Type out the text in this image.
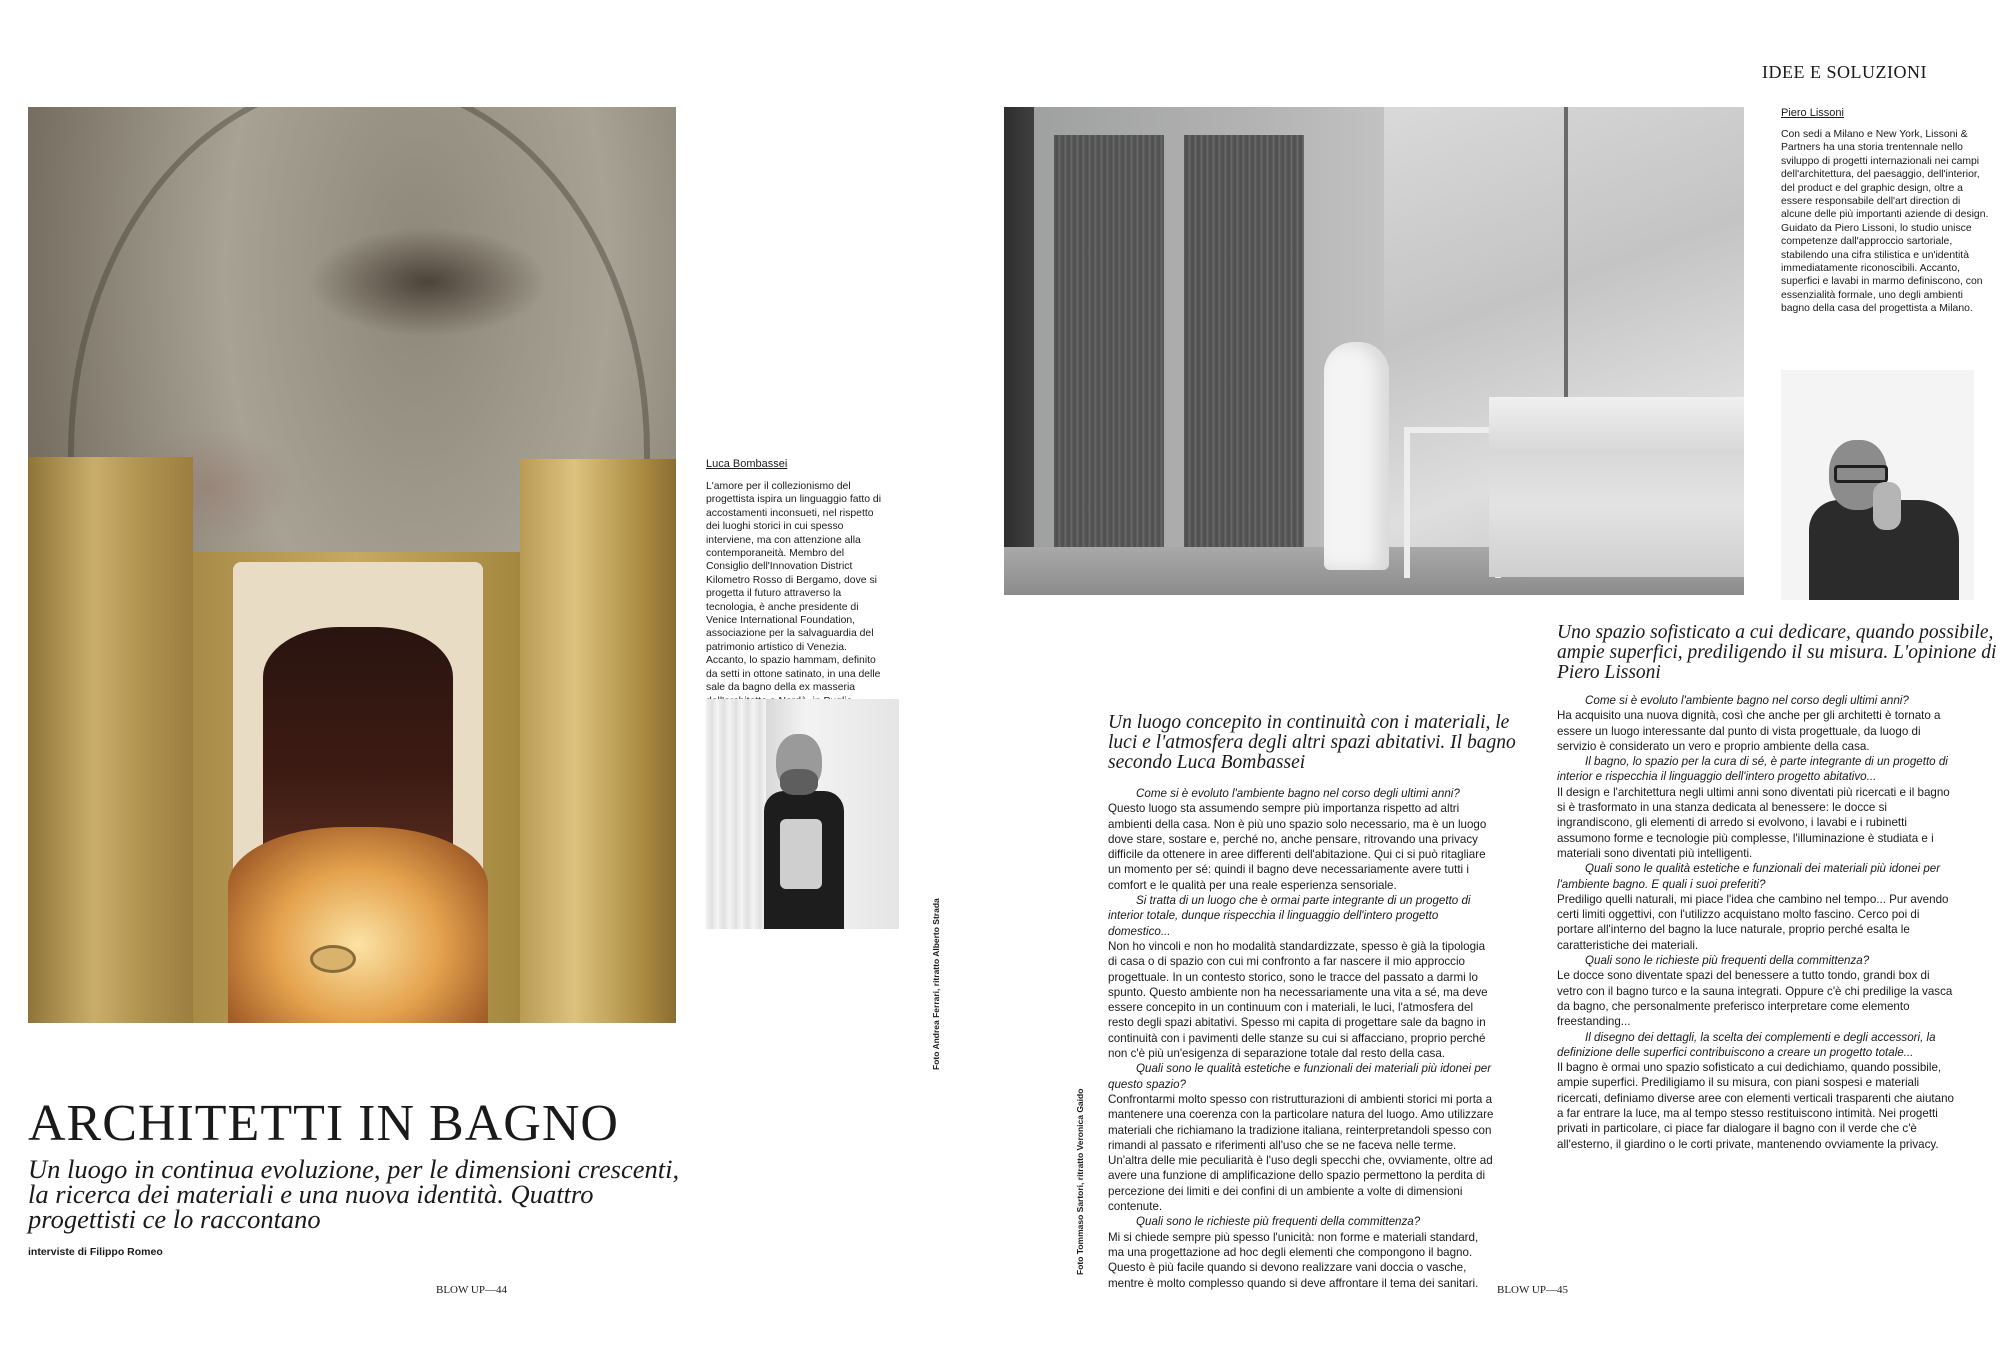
Luca Bombassei
L'amore per il collezionismo del progettista ispira un linguaggio fatto di accostamenti inconsueti, nel rispetto dei luoghi storici in cui spesso interviene, ma con attenzione alla contemporaneità. Membro del Consiglio dell'Innovation District Kilometro Rosso di Bergamo, dove si progetta il futuro attraverso la tecnologia, è anche presidente di Venice International Foundation, associazione per la salvaguardia del patrimonio artistico di Venezia. Accanto, lo spazio hammam, definito da setti in ottone satinato, in una delle sale da bagno della ex masseria
ARCHITETTI IN BAGNO
Un luogo in continua evoluzione, per le dimensioni crescenti, la ricerca dei materiali e una nuova identità. Quattro progettisti ce lo raccontano
interviste di Filippo Romeo
BLOW UP—44
Foto Andrea Ferrari, ritratto Alberto Strada
IDEE E SOLUZIONI
Piero Lissoni
Con sedi a Milano e New York, Lissoni & Partners ha una storia trentennale nello sviluppo di progetti internazionali nei campi dell'architettura, del paesaggio, dell'interior, del product e del graphic design, oltre a essere responsabile dell'art direction di alcune delle più importanti aziende di design. Guidato da Piero Lissoni, lo studio unisce competenze dall'approccio sartoriale, stabilendo una cifra stilistica e un'identità immediatamente riconoscibili. Accanto, superfici e lavabi in marmo definiscono, con essenzialità formale, uno degli ambienti bagno della casa del progettista a Milano.
Un luogo concepito in continuità con i materiali, le luci e l'atmosfera degli altri spazi abitativi. Il bagno secondo Luca Bombassei
Uno spazio sofisticato a cui dedicare, quando possibile, ampie superfici, prediligendo il su misura. L'opinione di Piero Lissoni

Come si è evoluto l'ambiente bagno nel corso degli ultimi anni?

Questo luogo sta assumendo sempre più importanza rispetto ad altri ambienti della casa. Non è più uno spazio solo necessario, ma è un luogo dove stare, sostare e, perché no, anche pensare, ritrovando una privacy difficile da ottenere in aree differenti dell'abitazione. Qui ci si può ritagliare un momento per sé: quindi il bagno deve necessariamente avere tutti i comfort e le qualità per una reale esperienza sensoriale.

Si tratta di un luogo che è ormai parte integrante di un progetto di interior totale, dunque rispecchia il linguaggio dell'intero progetto domestico...

Non ho vincoli e non ho modalità standardizzate, spesso è già la tipologia di casa o di spazio con cui mi confronto a far nascere il mio approccio progettuale. In un contesto storico, sono le tracce del passato a darmi lo spunto. Questo ambiente non ha necessariamente una vita a sé, ma deve essere concepito in un continuum con i materiali, le luci, l'atmosfera del resto degli spazi abitativi. Spesso mi capita di progettare sale da bagno in continuità con i pavimenti delle stanze su cui si affacciano, proprio perché non c'è più un'esigenza di separazione totale dal resto della casa.

Quali sono le qualità estetiche e funzionali dei materiali più idonei per questo spazio?

Confrontarmi molto spesso con ristrutturazioni di ambienti storici mi porta a mantenere una coerenza con la particolare natura del luogo. Amo utilizzare materiali che richiamano la tradizione italiana, reinterpretandoli spesso con rimandi al passato e riferimenti all'uso che se ne faceva nelle terme. Un'altra delle mie peculiarità è l'uso degli specchi che, ovviamente, oltre ad avere una funzione di amplificazione dello spazio permettono la perdita di percezione dei limiti e dei confini di un ambiente a volte di dimensioni contenute.

Quali sono le richieste più frequenti della committenza?

Mi si chiede sempre più spesso l'unicità: non forme e materiali standard, ma una progettazione ad hoc degli elementi che compongono il bagno. Questo è più facile quando si devono realizzare vani doccia o vasche, mentre è molto complesso quando si deve affrontare il tema dei sanitari.

Come si è evoluto l'ambiente bagno nel corso degli ultimi anni?

Ha acquisito una nuova dignità, così che anche per gli architetti è tornato a essere un luogo interessante dal punto di vista progettuale, da luogo di servizio è considerato un vero e proprio ambiente della casa.

Il bagno, lo spazio per la cura di sé, è parte integrante di un progetto di interior e rispecchia il linguaggio dell'intero progetto abitativo...

Il design e l'architettura negli ultimi anni sono diventati più ricercati e il bagno si è trasformato in una stanza dedicata al benessere: le docce si ingrandiscono, gli elementi di arredo si evolvono, i lavabi e i rubinetti assumono forme e tecnologie più complesse, l'illuminazione è studiata e i materiali sono diventati più intelligenti.

Quali sono le qualità estetiche e funzionali dei materiali più idonei per l'ambiente bagno. E quali i suoi preferiti?

Prediligo quelli naturali, mi piace l'idea che cambino nel tempo... Pur avendo certi limiti oggettivi, con l'utilizzo acquistano molto fascino. Cerco poi di portare all'interno del bagno la luce naturale, proprio perché esalta le caratteristiche dei materiali.

Quali sono le richieste più frequenti della committenza?

Le docce sono diventate spazi del benessere a tutto tondo, grandi box di vetro con il bagno turco e la sauna integrati. Oppure c'è chi predilige la vasca da bagno, che personalmente preferisco interpretare come elemento freestanding...

Il disegno dei dettagli, la scelta dei complementi e degli accessori, la definizione delle superfici contribuiscono a creare un progetto totale...

Il bagno è ormai uno spazio sofisticato a cui dedichiamo, quando possibile, ampie superfici. Prediligiamo il su misura, con piani sospesi e materiali ricercati, definiamo diverse aree con elementi verticali trasparenti che aiutano a far entrare la luce, ma al tempo stesso restituiscono intimità. Nei progetti privati in particolare, ci piace far dialogare il bagno con il verde che c'è all'esterno, il giardino o le corti private, mantenendo ovviamente la privacy.

BLOW UP—45
Foto Tommaso Sartori, ritratto Veronica Gaido
